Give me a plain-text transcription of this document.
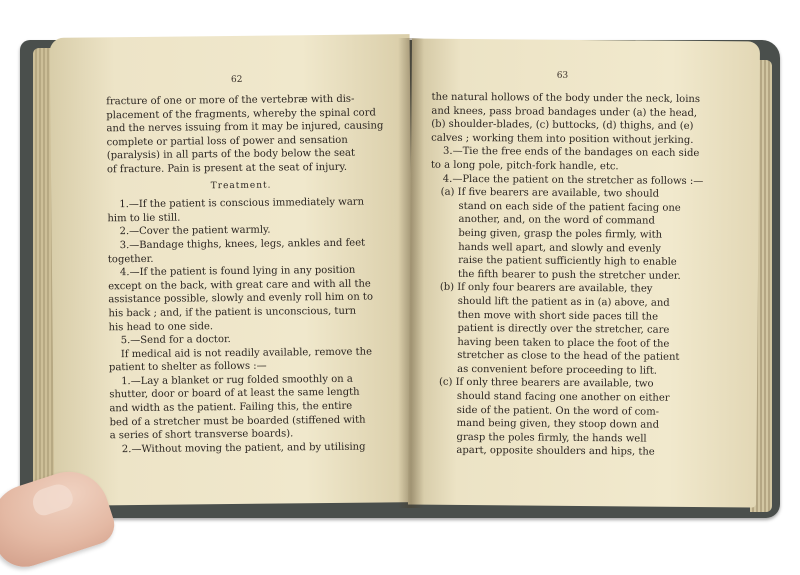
62
fracture of one or more of the vertebræ with dis-
placement of the fragments, whereby the spinal cord
and the nerves issuing from it may be injured, causing
complete or partial loss of power and sensation
(paralysis) in all parts of the body below the seat
of fracture. Pain is present at the seat of injury.
Treatment.
1.—If the patient is conscious immediately warn
him to lie still.
2.—Cover the patient warmly.
3.—Bandage thighs, knees, legs, ankles and feet
together.
4.—If the patient is found lying in any position
except on the back, with great care and with all the
assistance possible, slowly and evenly roll him on to
his back ; and, if the patient is unconscious, turn
his head to one side.
5.—Send for a doctor.
If medical aid is not readily available, remove the
patient to shelter as follows :—
1.—Lay a blanket or rug folded smoothly on a
shutter, door or board of at least the same length
and width as the patient. Failing this, the entire
bed of a stretcher must be boarded (stiffened with
a series of short transverse boards).
2.—Without moving the patient, and by utilising
63
the natural hollows of the body under the neck, loins
and knees, pass broad bandages under (a) the head,
(b) shoulder-blades, (c) buttocks, (d) thighs, and (e)
calves ; working them into position without jerking.
3.—Tie the free ends of the bandages on each side
to a long pole, pitch-fork handle, etc.
4.—Place the patient on the stretcher as follows :—
(a) If five bearers are available, two should
stand on each side of the patient facing one
another, and, on the word of command
being given, grasp the poles firmly, with
hands well apart, and slowly and evenly
raise the patient sufficiently high to enable
the fifth bearer to push the stretcher under.
(b) If only four bearers are available, they
should lift the patient as in (a) above, and
then move with short side paces till the
patient is directly over the stretcher, care
having been taken to place the foot of the
stretcher as close to the head of the patient
as convenient before proceeding to lift.
(c) If only three bearers are available, two
should stand facing one another on either
side of the patient. On the word of com-
mand being given, they stoop down and
grasp the poles firmly, the hands well
apart, opposite shoulders and hips, the
